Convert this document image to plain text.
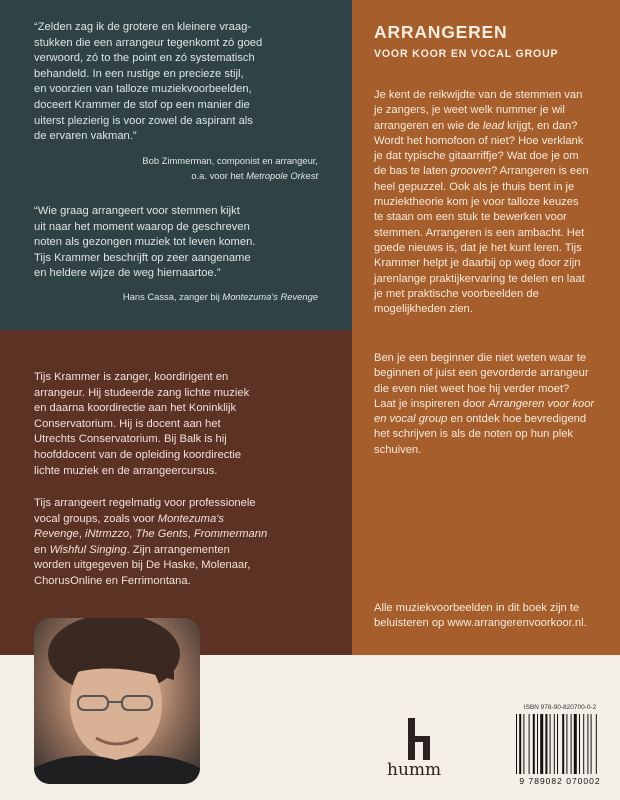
“Zelden zag ik de grotere en kleinere vraag-
stukken die een arrangeur tegenkomt zó goed
verwoord, zó to the point en zó systematisch
behandeld. In een rustige en precieze stijl,
en voorzien van talloze muziekvoorbeelden,
doceert Krammer de stof op een manier die
uiterst plezierig is voor zowel de aspirant als
de ervaren vakman.”

Bob Zimmerman, componist en arrangeur,
o.a. voor het Metropole Orkest

“Wie graag arrangeert voor stemmen kijkt
uit naar het moment waarop de geschreven
noten als gezongen muziek tot leven komen.
Tijs Krammer beschrijft op zeer aangename
en heldere wijze de weg hiernaartoe.”

Hans Cassa, zanger bij Montezuma's Revenge

Tijs Krammer is zanger, koordirigent en
arrangeur. Hij studeerde zang lichte muziek
en daarna koordirectie aan het Koninklijk
Conservatorium. Hij is docent aan het
Utrechts Conservatorium. Bij Balk is hij
hoofddocent van de opleiding koordirectie
lichte muziek en de arrangeercursus.

Tijs arrangeert regelmatig voor professionele
vocal groups, zoals voor Montezuma's
Revenge, iNtrmzzo, The Gents, Frommermann
en Wishful Singing. Zijn arrangementen
worden uitgegeven bij De Haske, Molenaar,
ChorusOnline en Ferrimontana.

ARRANGEREN
VOOR KOOR EN VOCAL GROUP

Je kent de reikwijdte van de stemmen van
je zangers, je weet welk nummer je wil
arrangeren en wie de lead krijgt, en dan?
Wordt het homofoon of niet? Hoe verklank
je dat typische gitaarriffje? Wat doe je om
de bas te laten grooven? Arrangeren is een
heel gepuzzel. Ook als je thuis bent in je
muziektheorie kom je voor talloze keuzes
te staan om een stuk te bewerken voor
stemmen. Arrangeren is een ambacht. Het
goede nieuws is, dat je het kunt leren. Tijs
Krammer helpt je daarbij op weg door zijn
jarenlange praktijkervaring te delen en laat
je met praktische voorbeelden de
mogelijkheden zien.

Ben je een beginner die niet weten waar te
beginnen of juist een gevorderde arrangeur
die even niet weet hoe hij verder moet?
Laat je inspireren door Arrangeren voor koor
en vocal group en ontdek hoe bevredigend
het schrijven is als de noten op hun plek
schuiven.

Alle muziekvoorbeelden in dit boek zijn te
beluisteren op www.arrangerenvoorkoor.nl.

humm

ISBN 978-90-820700-0-2

9 789082 070002
